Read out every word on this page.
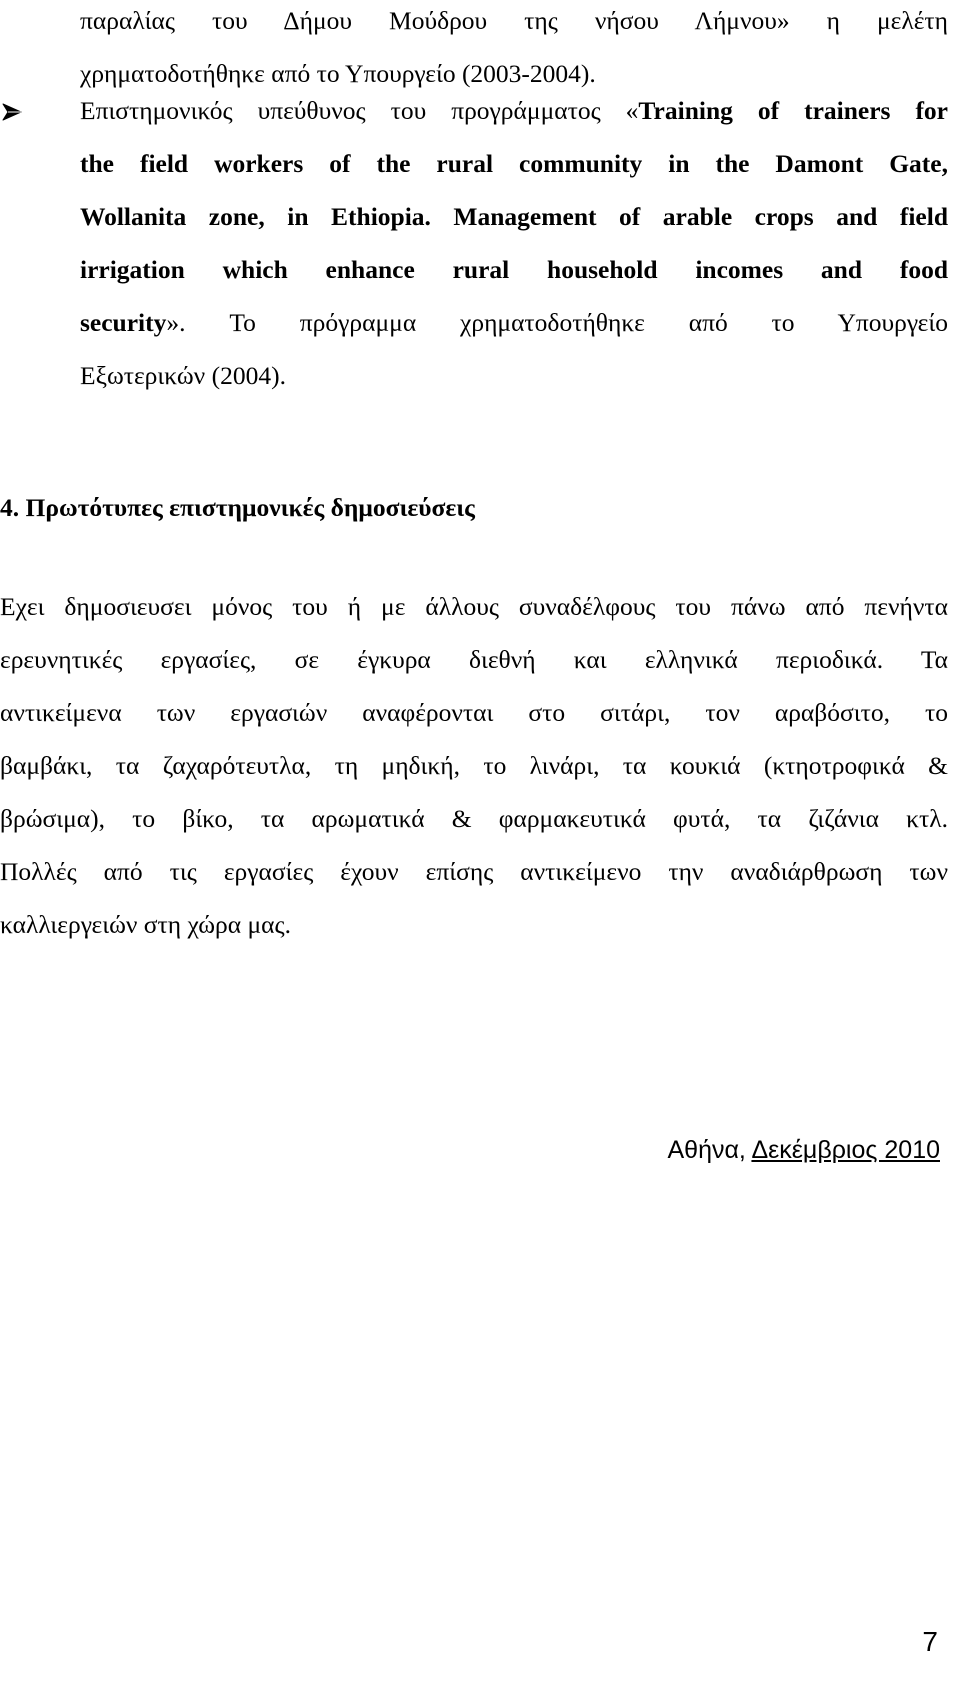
παραλίας του Δήμου Μούδρου της νήσου Λήμνου» η μελέτη
χρηματοδοτήθηκε από το Υπουργείο (2003-2004).
Επιστημονικός υπεύθυνος του προγράμματος «Training of trainers for
the field workers of the rural community in the Damont Gate,
Wollanita zone, in Ethiopia. Management of arable crops and field
irrigation which enhance rural household incomes and food
security». Το πρόγραμμα χρηματοδοτήθηκε από το Υπουργείο
Εξωτερικών (2004).
4. Πρωτότυπες επιστημονικές δημοσιεύσεις
Εχει δημοσιευσει μόνος του ή με άλλους συναδέλφους του πάνω από πενήντα
ερευνητικές εργασίες, σε έγκυρα διεθνή και ελληνικά περιοδικά. Τα
αντικείμενα των εργασιών αναφέρονται στο σιτάρι, τον αραβόσιτο, το
βαμβάκι, τα ζαχαρότευτλα, τη μηδική, το λινάρι, τα κουκιά (κτηοτροφικά &
βρώσιμα), το βίκο, τα αρωματικά & φαρμακευτικά φυτά, τα ζιζάνια κτλ.
Πολλές από τις εργασίες έχουν επίσης αντικείμενο την αναδιάρθρωση των
καλλιεργειών στη χώρα μας.
Αθήνα, Δεκέμβριος 2010
7
